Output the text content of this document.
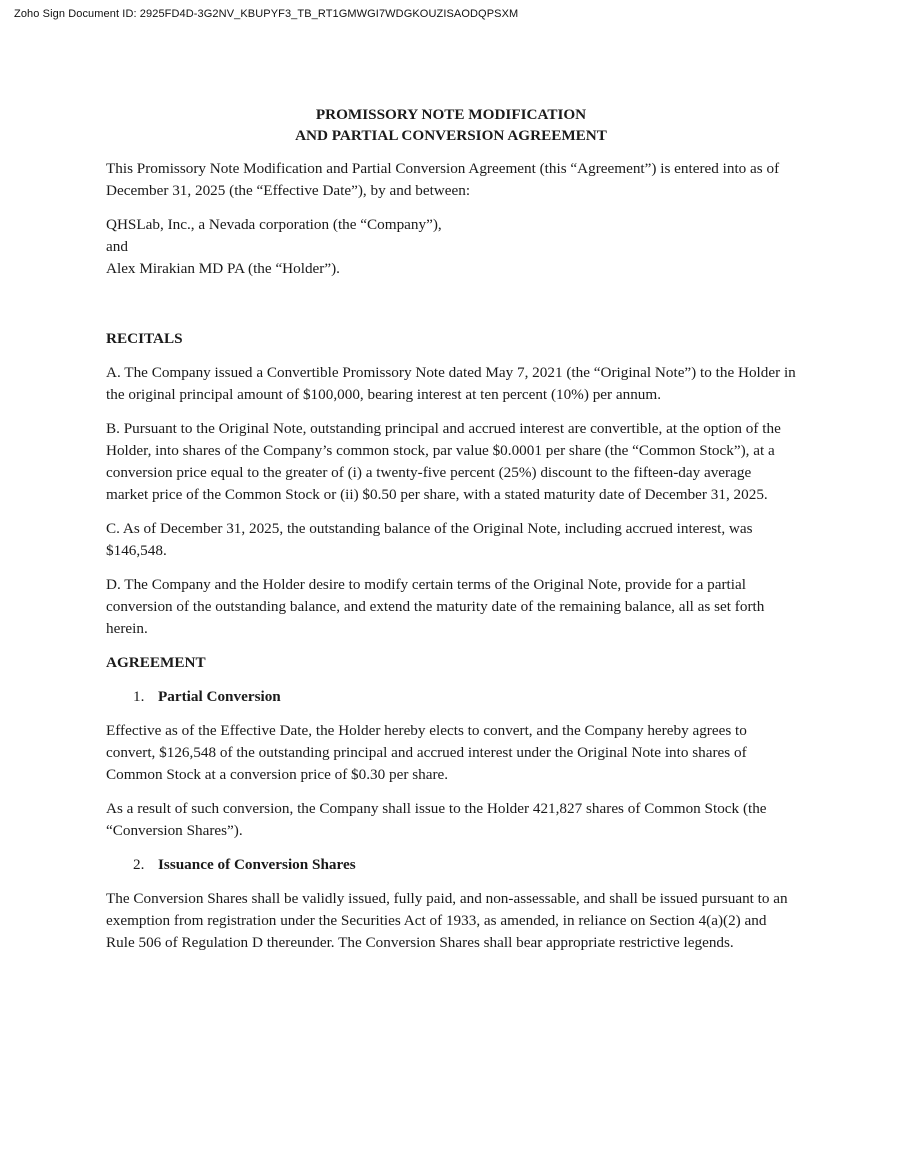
Zoho Sign Document ID: 2925FD4D-3G2NV_KBUPYF3_TB_RT1GMWGI7WDGKOUZISAODQPSXM
PROMISSORY NOTE MODIFICATION
AND PARTIAL CONVERSION AGREEMENT

This Promissory Note Modification and Partial Conversion Agreement (this “Agreement”) is entered into as of December 31, 2025 (the “Effective Date”), by and between:

QHSLab, Inc., a Nevada corporation (the “Company”),

and

Alex Mirakian MD PA (the “Holder”).

RECITALS

A. The Company issued a Convertible Promissory Note dated May 7, 2021 (the “Original Note”) to the Holder in the original principal amount of $100,000, bearing interest at ten percent (10%) per annum.

B. Pursuant to the Original Note, outstanding principal and accrued interest are convertible, at the option of the Holder, into shares of the Company’s common stock, par value $0.0001 per share (the “Common Stock”), at a conversion price equal to the greater of (i) a twenty-five percent (25%) discount to the fifteen-day average market price of the Common Stock or (ii) $0.50 per share, with a stated maturity date of December 31, 2025.

C. As of December 31, 2025, the outstanding balance of the Original Note, including accrued interest, was $146,548.

D. The Company and the Holder desire to modify certain terms of the Original Note, provide for a partial conversion of the outstanding balance, and extend the maturity date of the remaining balance, all as set forth herein.

AGREEMENT
1. Partial Conversion

Effective as of the Effective Date, the Holder hereby elects to convert, and the Company hereby agrees to convert, $126,548 of the outstanding principal and accrued interest under the Original Note into shares of Common Stock at a conversion price of $0.30 per share.

As a result of such conversion, the Company shall issue to the Holder 421,827 shares of Common Stock (the “Conversion Shares”).

2. Issuance of Conversion Shares

The Conversion Shares shall be validly issued, fully paid, and non-assessable, and shall be issued pursuant to an exemption from registration under the Securities Act of 1933, as amended, in reliance on Section 4(a)(2) and Rule 506 of Regulation D thereunder. The Conversion Shares shall bear appropriate restrictive legends.
